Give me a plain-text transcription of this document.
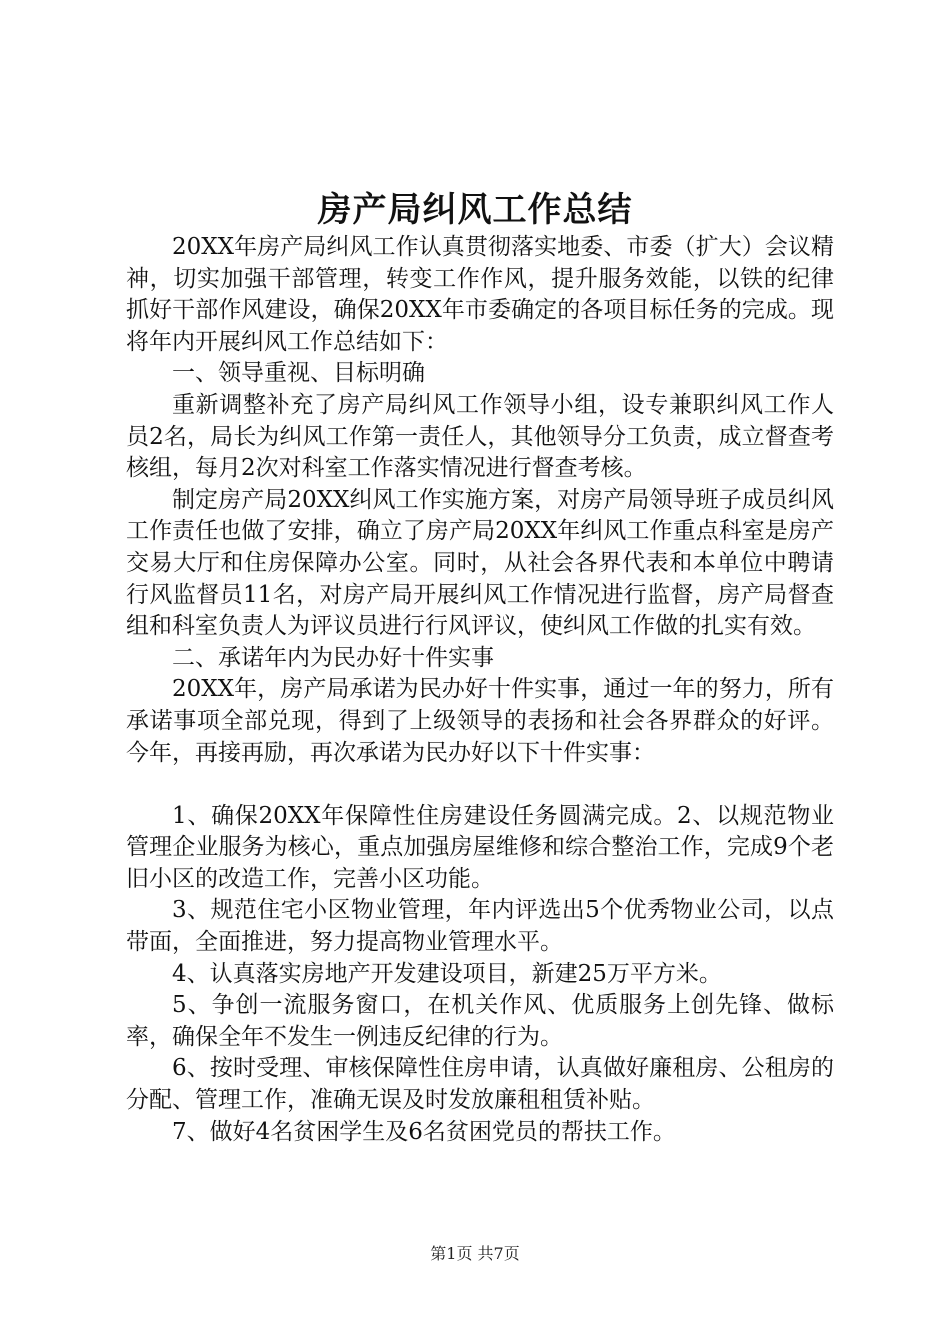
房产局纠风工作总结

20XX年房产局纠风工作认真贯彻落实地委、市委（扩大）会议精神，切实加强干部管理，转变工作作风，提升服务效能，以铁的纪律抓好干部作风建设，确保20XX年市委确定的各项目标任务的完成。现将年内开展纠风工作总结如下：

一、领导重视、目标明确

重新调整补充了房产局纠风工作领导小组，设专兼职纠风工作人员2名，局长为纠风工作第一责任人，其他领导分工负责，成立督查考核组，每月2次对科室工作落实情况进行督查考核。

制定房产局20XX纠风工作实施方案，对房产局领导班子成员纠风工作责任也做了安排，确立了房产局20XX年纠风工作重点科室是房产交易大厅和住房保障办公室。同时，从社会各界代表和本单位中聘请行风监督员11名，对房产局开展纠风工作情况进行监督，房产局督查组和科室负责人为评议员进行行风评议，使纠风工作做的扎实有效。

二、承诺年内为民办好十件实事

20XX年，房产局承诺为民办好十件实事，通过一年的努力，所有承诺事项全部兑现，得到了上级领导的表扬和社会各界群众的好评。今年，再接再励，再次承诺为民办好以下十件实事：

1、确保20XX年保障性住房建设任务圆满完成。2、以规范物业管理企业服务为核心，重点加强房屋维修和综合整治工作，完成9个老旧小区的改造工作，完善小区功能。

3、规范住宅小区物业管理，年内评选出5个优秀物业公司，以点带面，全面推进，努力提高物业管理水平。

4、认真落实房地产开发建设项目，新建25万平方米。

5、争创一流服务窗口，在机关作风、优质服务上创先锋、做标率，确保全年不发生一例违反纪律的行为。

6、按时受理、审核保障性住房申请，认真做好廉租房、公租房的分配、管理工作，准确无误及时发放廉租租赁补贴。

7、做好4名贫困学生及6名贫困党员的帮扶工作。

第1页 共7页
